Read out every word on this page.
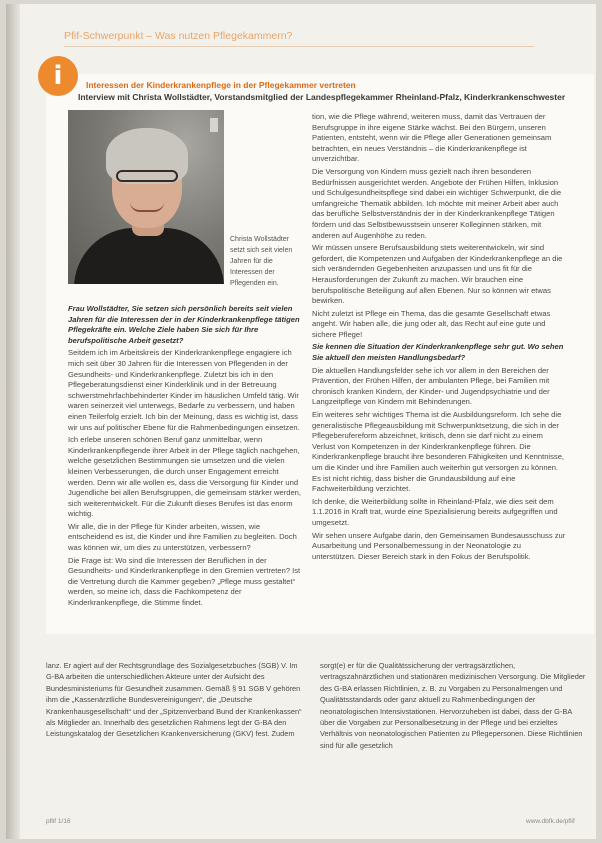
Pfif-Schwerpunkt – Was nutzen Pflegekammern?
i	Interessen der Kinderkrankenpflege in der Pflegekammer vertreten
Interview mit Christa Wollstädter, Vorstandsmitglied der Landespflegekammer Rheinland-Pfalz, Kinderkrankenschwester
Christa Wollstädter setzt sich seit vielen Jahren für die Interessen der Pflegenden ein.

Frau Wollstädter, Sie setzen sich persönlich bereits seit vielen Jahren für die Interessen der in der Kinderkrankenpflege tätigen Pflegekräfte ein. Welche Ziele haben Sie sich für Ihre berufspolitische Arbeit gesetzt?

Seitdem ich im Arbeitskreis der Kinderkrankenpflege engagiere ich mich seit über 30 Jahren für die Interessen von Pflegenden in der Gesundheits- und Kinderkrankenpflege. Zuletzt bis ich in den Pflegeberatungsdienst einer Kinderklinik und in der Betreuung schwerstmehrfachbehinderter Kinder im häuslichen Umfeld tätig. Wir waren seinerzeit viel unterwegs, Bedarfe zu verbessern, und haben einen Teilerfolg erzielt. Ich bin der Meinung, dass es wichtig ist, dass wir uns auf politischer Ebene für die Rahmenbedingungen einsetzen.

Ich erlebe unseren schönen Beruf ganz unmittelbar, wenn Kinderkrankenpflegende ihrer Arbeit in der Pflege täglich nachgehen, welche gesetzlichen Bestimmungen sie umsetzen und die vielen kleinen Verbesserungen, die durch unser Engagement erreicht werden. Denn wir alle wollen es, dass die Versorgung für Kinder und Jugendliche bei allen Berufsgruppen, die gemeinsam stärker werden, sich weiterentwickelt. Für die Zukunft dieses Berufes ist das enorm wichtig.

Wir alle, die in der Pflege für Kinder arbeiten, wissen, wie entscheidend es ist, die Kinder und ihre Familien zu begleiten. Doch was können wir, um dies zu unterstützen, verbessern?

Die Frage ist: Wo sind die Interessen der Beruflichen in der Gesundheits- und Kinderkrankenpflege in den Gremien vertreten? Ist die Vertretung durch die Kammer gegeben? „Pflege muss gestaltet“ werden, so meine ich, dass die Fachkompetenz der Kinderkrankenpflege, die Stimme findet.

tion, wie die Pflege während, weiteren muss, damit das Vertrauen der Berufsgruppe in ihre eigene Stärke wächst. Bei den Bürgern, unseren Patienten, entsteht, wenn wir die Pflege aller Generationen gemeinsam betrachten, ein neues Verständnis – die Kinderkrankenpflege ist unverzichtbar.

Die Versorgung von Kindern muss gezielt nach ihren besonderen Bedürfnissen ausgerichtet werden. Angebote der Frühen Hilfen, Inklusion und Schulgesundheitspflege sind dabei ein wichtiger Schwerpunkt, die die umfangreiche Thematik abbilden. Ich möchte mit meiner Arbeit aber auch das berufliche Selbstverständnis der in der Kinderkrankenpflege Tätigen fördern und das Selbstbewusstsein unserer Kolleginnen stärken, mit anderen auf Augenhöhe zu reden.

Wir müssen unsere Berufsausbildung stets weiterentwickeln, wir sind gefordert, die Kompetenzen und Aufgaben der Kinderkrankenpflege an die sich verändernden Gegebenheiten anzupassen und uns fit für die Herausforderungen der Zukunft zu machen. Wir brauchen eine berufspolitische Beteiligung auf allen Ebenen. Nur so können wir etwas bewirken.

Nicht zuletzt ist Pflege ein Thema, das die gesamte Gesellschaft etwas angeht. Wir haben alle, die jung oder alt, das Recht auf eine gute und sichere Pflege!

Sie kennen die Situation der Kinderkrankenpflege sehr gut. Wo sehen Sie aktuell den meisten Handlungsbedarf?

Die aktuellen Handlungsfelder sehe ich vor allem in den Bereichen der Prävention, der Frühen Hilfen, der ambulanten Pflege, bei Familien mit chronisch kranken Kindern, der Kinder- und Jugendpsychiatrie und der Langzeitpflege von Kindern mit Behinderungen.

Ein weiteres sehr wichtiges Thema ist die Ausbildungsreform. Ich sehe die generalistische Pflegeausbildung mit Schwerpunktsetzung, die sich in der Pflegeberufereform abzeichnet, kritisch, denn sie darf nicht zu einem Verlust von Kompetenzen in der Kinderkrankenpflege führen. Die Kinderkrankenpflege braucht ihre besonderen Fähigkeiten und Kenntnisse, um die Kinder und ihre Familien auch weiterhin gut versorgen zu können. Es ist nicht richtig, dass bisher die Grundausbildung auf eine Fachweiterbildung verzichtet.

Ich denke, die Weiterbildung sollte in Rheinland-Pfalz, wie dies seit dem 1.1.2016 in Kraft trat, wurde eine Spezialisierung bereits aufgegriffen und umgesetzt.

Wir sehen unsere Aufgabe darin, den Gemeinsamen Bundesausschuss zur Ausarbeitung und Personalbemessung in der Neonatologie zu unterstützen. Dieser Bereich stark in den Fokus der Berufspolitik.

lanz. Er agiert auf der Rechtsgrundlage des Sozialgesetzbuches (SGB) V. Im G-BA arbeiten die unterschiedlichen Akteure unter der Aufsicht des Bundesministeriums für Gesundheit zusammen. Gemäß § 91 SGB V gehören ihm die „Kassenärztliche Bundesvereinigungen“, die „Deutsche Krankenhausgesellschaft“ und der „Spitzenverband Bund der Krankenkassen“ als Mitglieder an. Innerhalb des gesetzlichen Rahmens legt der G-BA den Leistungskatalog der Gesetzlichen Krankenversicherung (GKV) fest. Zudem
sorgt(e) er für die Qualitätssicherung der vertragsärztlichen, vertragszahnärztlichen und stationären medizinischen Versorgung. Die Mitglieder des G-BA erlassen Richtlinien, z. B. zu Vorgaben zu Personalmengen und Qualitätsstandards oder ganz aktuell zu Rahmenbedingungen der neonatologischen Intensivstationen. Hervorzuheben ist dabei, dass der G-BA über die Vorgaben zur Personalbesetzung in der Pflege und bei erzieltes Verhältnis von neonatologischen Patienten zu Pflegepersonen. Diese Richtlinien sind für alle gesetzlich
pflif 1/16	www.dbfk.de/pflif
